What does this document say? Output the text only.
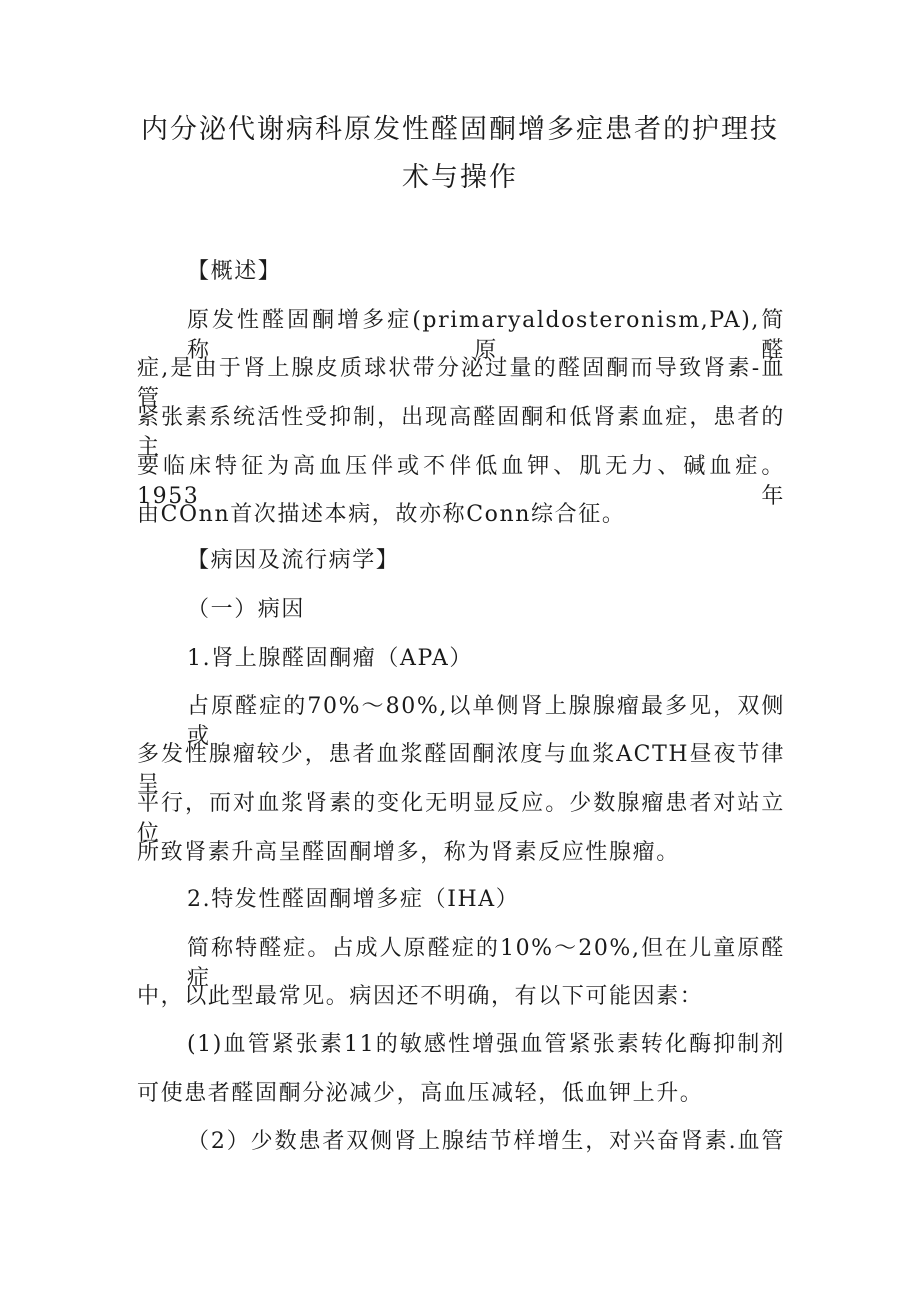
内分泌代谢病科原发性醛固酮增多症患者的护理技
术与操作
【概述】
原发性醛固酮增多症(primaryaldosteronism,PA),简称原醛
症,是由于肾上腺皮质球状带分泌过量的醛固酮而导致肾素-血管
紧张素系统活性受抑制，出现高醛固酮和低肾素血症，患者的主
要临床特征为高血压伴或不伴低血钾、肌无力、碱血症。1953年
由COnn首次描述本病，故亦称Conn综合征。
【病因及流行病学】
（一）病因
1.肾上腺醛固酮瘤（APA）
占原醛症的70%～80%,以单侧肾上腺腺瘤最多见，双侧或
多发性腺瘤较少，患者血浆醛固酮浓度与血浆ACTH昼夜节律呈
平行，而对血浆肾素的变化无明显反应。少数腺瘤患者对站立位
所致肾素升高呈醛固酮增多，称为肾素反应性腺瘤。
2.特发性醛固酮增多症（IHA）
简称特醛症。占成人原醛症的10%～20%,但在儿童原醛症
中，以此型最常见。病因还不明确，有以下可能因素：
(1)血管紧张素11的敏感性增强血管紧张素转化酶抑制剂
可使患者醛固酮分泌减少，高血压减轻，低血钾上升。
（2）少数患者双侧肾上腺结节样增生，对兴奋肾素.血管
